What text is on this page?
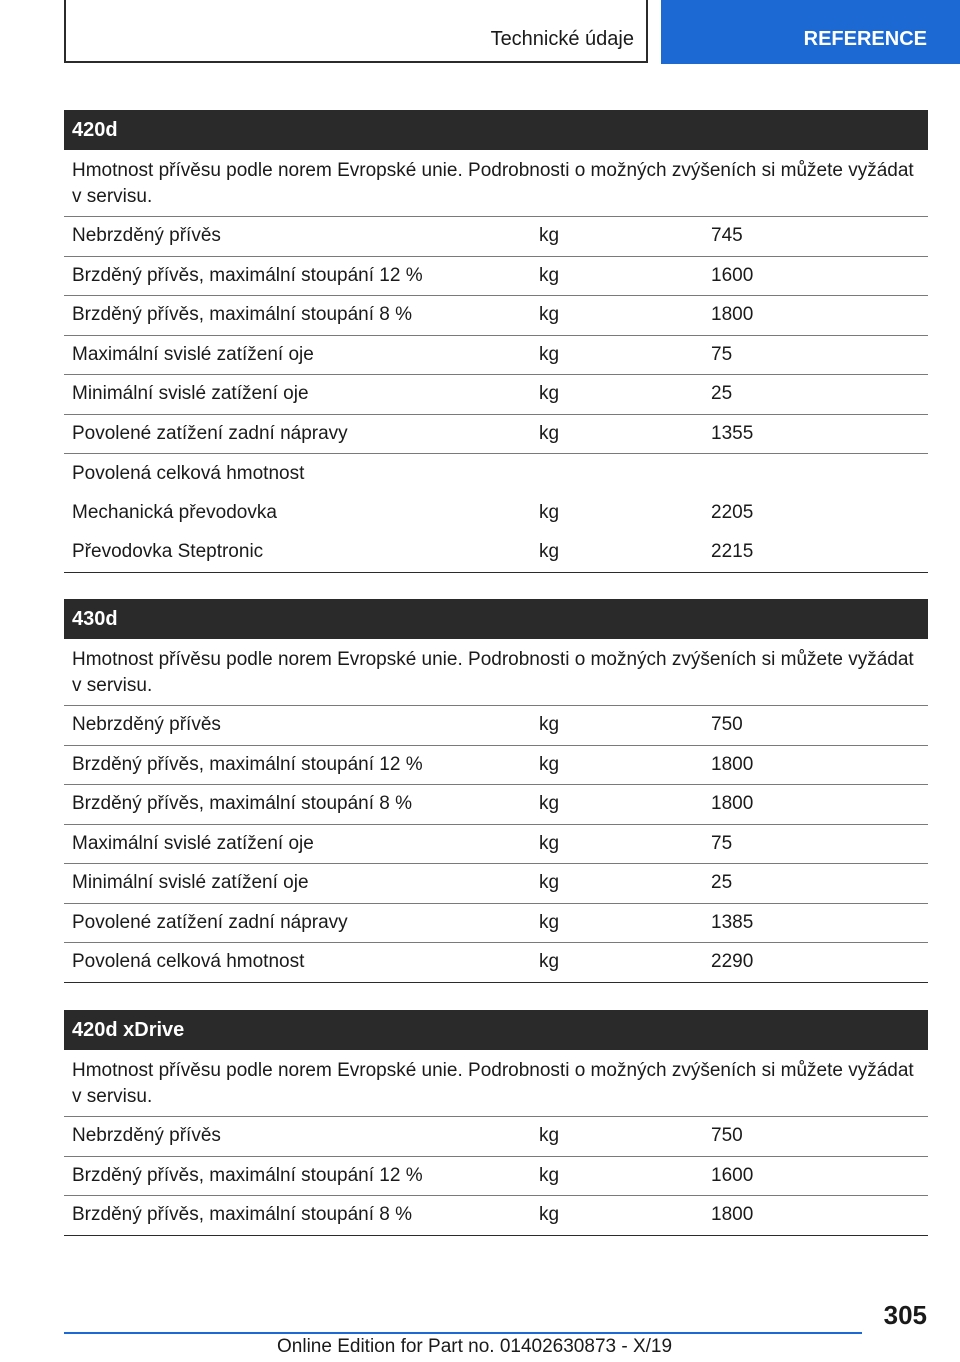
Technické údaje	REFERENCE
420d
Hmotnost přívěsu podle norem Evropské unie. Podrobnosti o možných zvýšeních si můžete vyžádat v servisu.
Nebrzděný přívěs	kg	745
Brzděný přívěs, maximální stoupání 12 %	kg	1600
Brzděný přívěs, maximální stoupání 8 %	kg	1800
Maximální svislé zatížení oje	kg	75
Minimální svislé zatížení oje	kg	25
Povolené zatížení zadní nápravy	kg	1355
Povolená celková hmotnost
Mechanická převodovka	kg	2205
Převodovka Steptronic	kg	2215
430d
Hmotnost přívěsu podle norem Evropské unie. Podrobnosti o možných zvýšeních si můžete vyžádat v servisu.
Nebrzděný přívěs	kg	750
Brzděný přívěs, maximální stoupání 12 %	kg	1800
Brzděný přívěs, maximální stoupání 8 %	kg	1800
Maximální svislé zatížení oje	kg	75
Minimální svislé zatížení oje	kg	25
Povolené zatížení zadní nápravy	kg	1385
Povolená celková hmotnost	kg	2290
420d xDrive
Hmotnost přívěsu podle norem Evropské unie. Podrobnosti o možných zvýšeních si můžete vyžádat v servisu.
Nebrzděný přívěs	kg	750
Brzděný přívěs, maximální stoupání 12 %	kg	1600
Brzděný přívěs, maximální stoupání 8 %	kg	1800
305
Online Edition for Part no. 01402630873 - X/19
